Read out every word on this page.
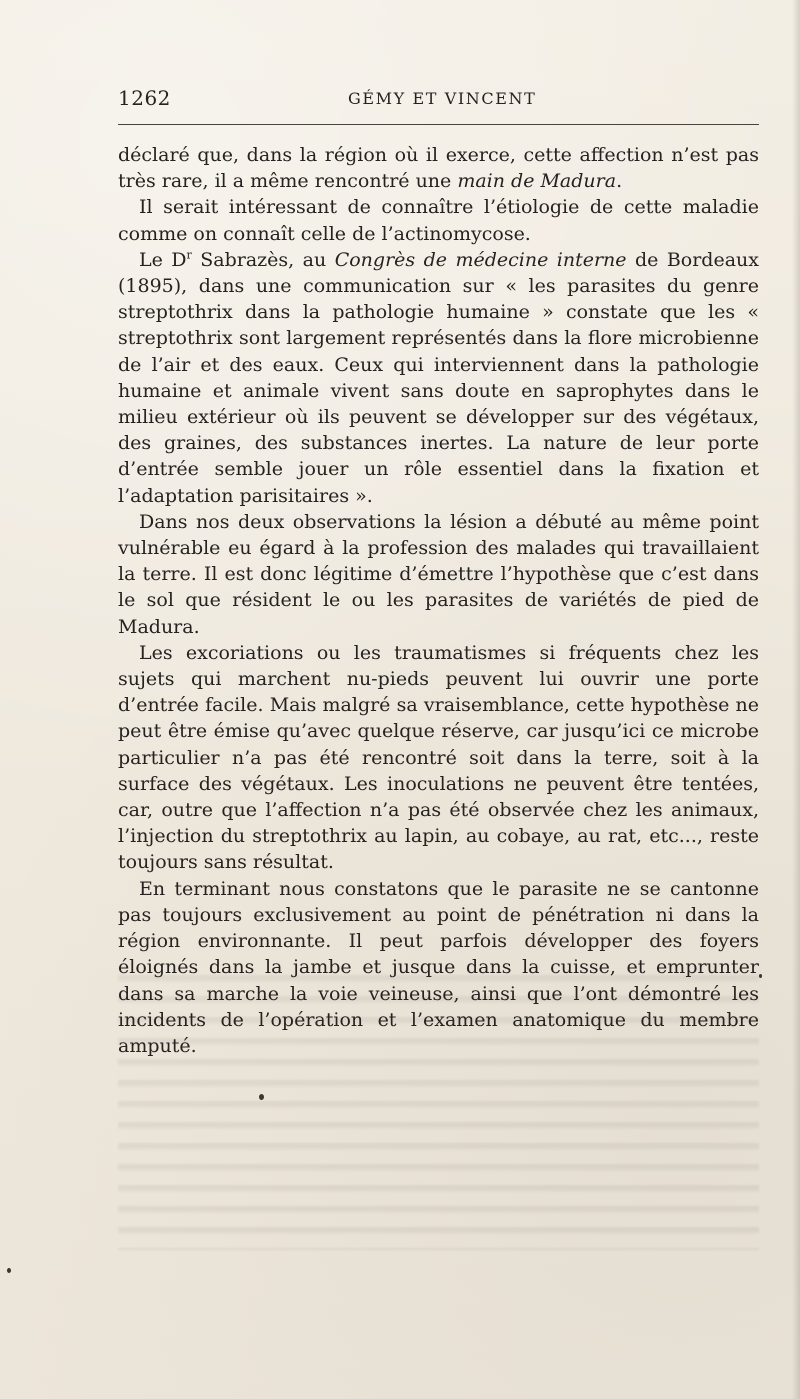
1262	GÉMY ET VINCENT

déclaré que, dans la région où il exerce, cette affection n’est pas très rare, il a même rencontré une main de Madura.

Il serait intéressant de connaître l’étiologie de cette maladie comme on connaît celle de l’actinomycose.

Le $D^r$ Sabrazès, au Congrès de médecine interne de Bordeaux (1895), dans une communication sur « les parasites du genre streptothrix dans la pathologie humaine » constate que les « streptothrix sont largement représentés dans la flore microbienne de l’air et des eaux. Ceux qui interviennent dans la pathologie humaine et animale vivent sans doute en saprophytes dans le milieu extérieur où ils peuvent se développer sur des végétaux, des graines, des substances inertes. La nature de leur porte d’entrée semble jouer un rôle essentiel dans la fixation et l’adaptation parisitaires ».

Dans nos deux observations la lésion a débuté au même point vulnérable eu égard à la profession des malades qui travaillaient la terre. Il est donc légitime d’émettre l’hypothèse que c’est dans le sol que résident le ou les parasites de variétés de pied de Madura.

Les excoriations ou les traumatismes si fréquents chez les sujets qui marchent nu-pieds peuvent lui ouvrir une porte d’entrée facile. Mais malgré sa vraisemblance, cette hypothèse ne peut être émise qu’avec quelque réserve, car jusqu’ici ce microbe particulier n’a pas été rencontré soit dans la terre, soit à la surface des végétaux. Les inoculations ne peuvent être tentées, car, outre que l’affection n’a pas été observée chez les animaux, l’injection du streptothrix au lapin, au cobaye, au rat, etc..., reste toujours sans résultat.

En terminant nous constatons que le parasite ne se cantonne pas toujours exclusivement au point de pénétration ni dans la région environnante. Il peut parfois développer des foyers éloignés dans la jambe et jusque dans la cuisse, et emprunter dans sa marche la voie veineuse, ainsi que l’ont démontré les incidents de l’opération et l’examen anatomique du membre amputé.
